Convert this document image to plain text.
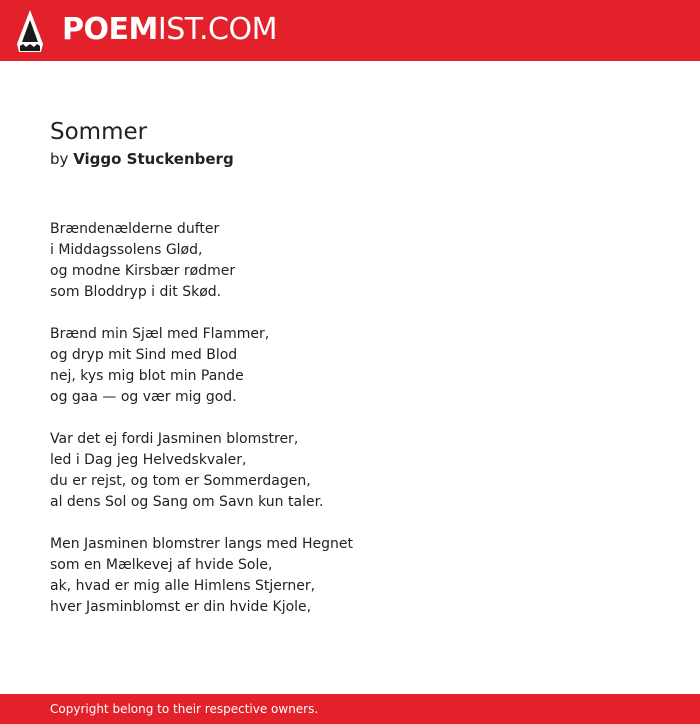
POEMIST.COM
Sommer
by Viggo Stuckenberg
Brændenælderne dufter
i Middagssolens Glød,
og modne Kirsbær rødmer
som Bloddryp i dit Skød.
Brænd min Sjæl med Flammer,
og dryp mit Sind med Blod
nej, kys mig blot min Pande
og gaa — og vær mig god.
Var det ej fordi Jasminen blomstrer,
led i Dag jeg Helvedskvaler,
du er rejst, og tom er Sommerdagen,
al dens Sol og Sang om Savn kun taler.
Men Jasminen blomstrer langs med Hegnet
som en Mælkevej af hvide Sole,
ak, hvad er mig alle Himlens Stjerner,
hver Jasminblomst er din hvide Kjole,
Copyright belong to their respective owners.
